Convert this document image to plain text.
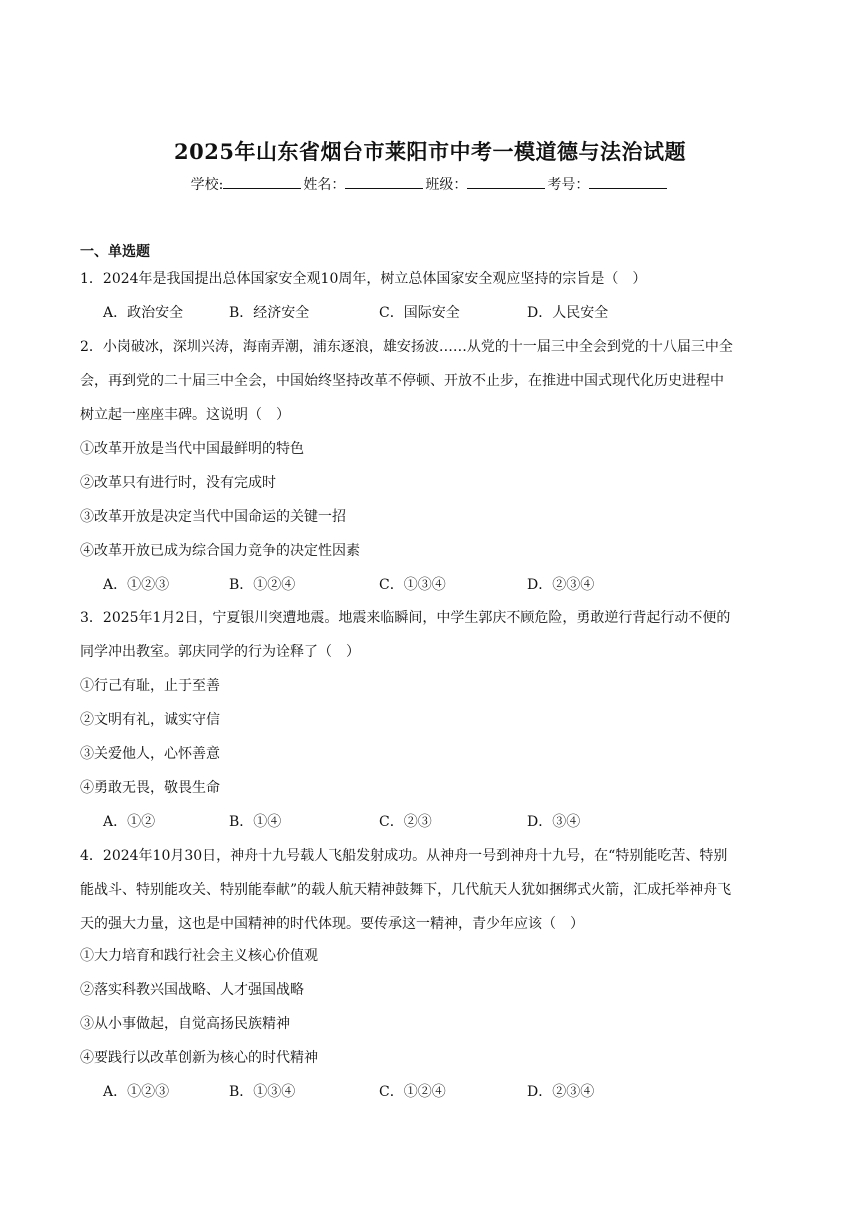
2025年山东省烟台市莱阳市中考一模道德与法治试题
学校:	姓名：	班级：	考号：
一、单选题
1．2024年是我国提出总体国家安全观10周年，树立总体国家安全观应坚持的宗旨是（　）
A．政治安全	B．经济安全	C．国际安全	D．人民安全
2．小岗破冰，深圳兴涛，海南弄潮，浦东逐浪，雄安扬波……从党的十一届三中全会到党的十八届三中全
会，再到党的二十届三中全会，中国始终坚持改革不停顿、开放不止步，在推进中国式现代化历史进程中
树立起一座座丰碑。这说明（　）
①改革开放是当代中国最鲜明的特色
②改革只有进行时，没有完成时
③改革开放是决定当代中国命运的关键一招
④改革开放已成为综合国力竞争的决定性因素
A．①②③	B．①②④	C．①③④	D．②③④
3．2025年1月2日，宁夏银川突遭地震。地震来临瞬间，中学生郭庆不顾危险，勇敢逆行背起行动不便的
同学冲出教室。郭庆同学的行为诠释了（　）
①行己有耻，止于至善
②文明有礼，诚实守信
③关爱他人，心怀善意
④勇敢无畏，敬畏生命
A．①②	B．①④	C．②③	D．③④
4．2024年10月30日，神舟十九号载人飞船发射成功。从神舟一号到神舟十九号，在“特别能吃苦、特别
能战斗、特别能攻关、特别能奉献”的载人航天精神鼓舞下，几代航天人犹如捆绑式火箭，汇成托举神舟飞
天的强大力量，这也是中国精神的时代体现。要传承这一精神，青少年应该（　）
①大力培育和践行社会主义核心价值观
②落实科教兴国战略、人才强国战略
③从小事做起，自觉高扬民族精神
④要践行以改革创新为核心的时代精神
A．①②③	B．①③④	C．①②④	D．②③④
